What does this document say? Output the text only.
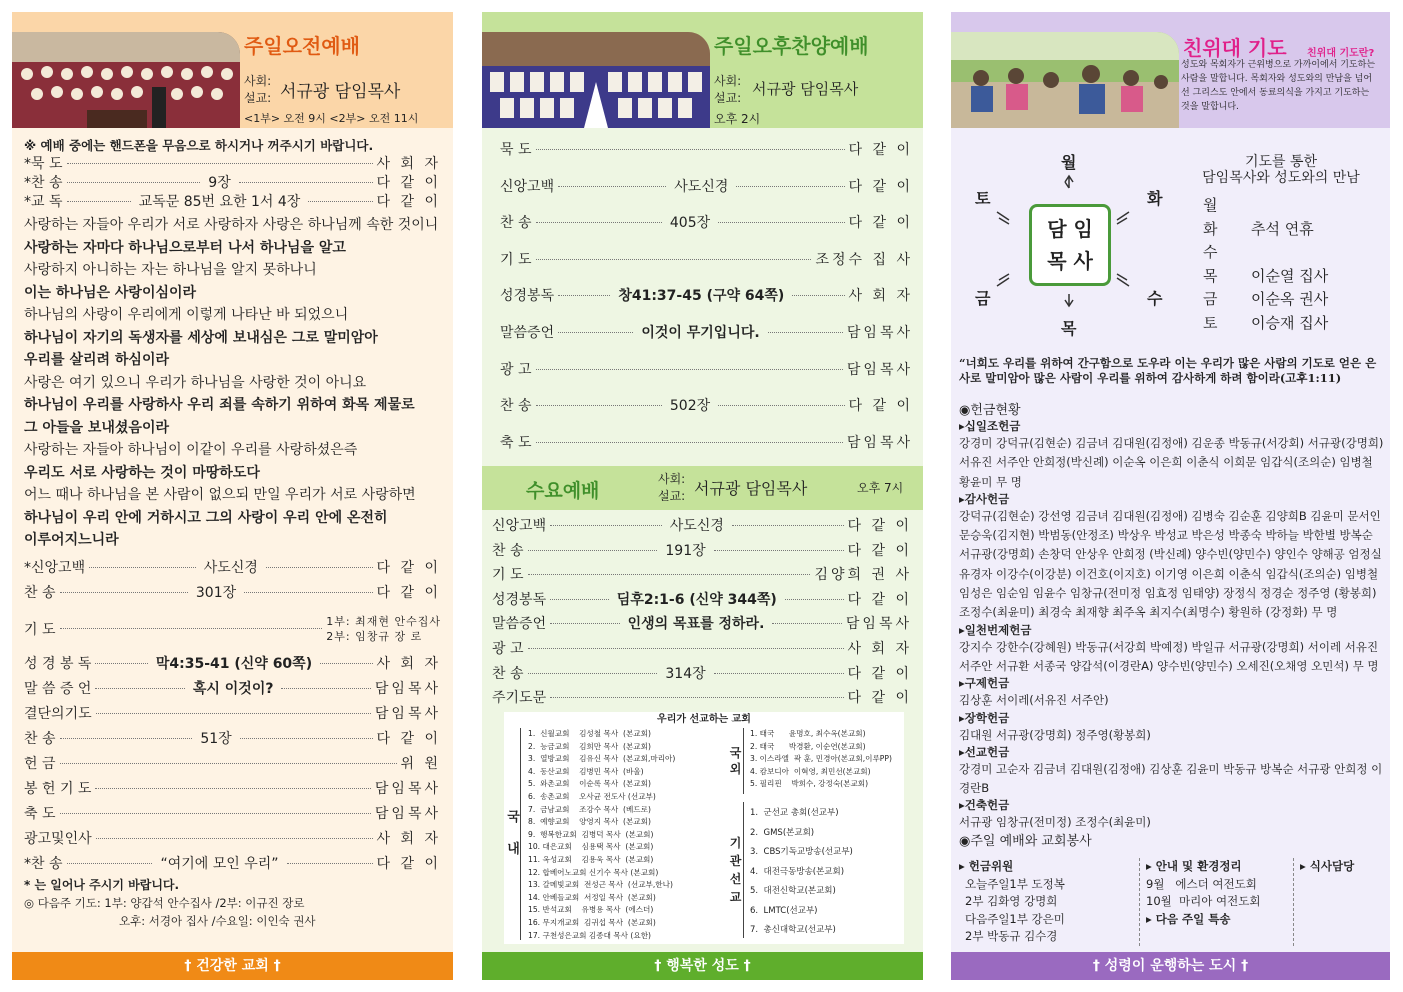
주일오전예배
사회:
설교: 서규광 담임목사
<1부> 오전 9시 <2부> 오전 11시
※ 예배 중에는 핸드폰을 무음으로 하시거나 꺼주시기 바랍니다.
*묵 도	사 회 자
*찬 송	9장	다 같 이
*교 독	교독문 85번 요한 1서 4장	다 같 이
사랑하는 자들아 우리가 서로 사랑하자 사랑은 하나님께 속한 것이니
사랑하는 자마다 하나님으로부터 나서 하나님을 알고
사랑하지 아니하는 자는 하나님을 알지 못하나니
이는 하나님은 사랑이심이라
하나님의 사랑이 우리에게 이렇게 나타난 바 되었으니
하나님이 자기의 독생자를 세상에 보내심은 그로 말미암아
우리를 살리려 하심이라
사랑은 여기 있으니 우리가 하나님을 사랑한 것이 아니요
하나님이 우리를 사랑하사 우리 죄를 속하기 위하여 화목 제물로
그 아들을 보내셨음이라
사랑하는 자들아 하나님이 이같이 우리를 사랑하셨은즉
우리도 서로 사랑하는 것이 마땅하도다
어느 때나 하나님을 본 사람이 없으되 만일 우리가 서로 사랑하면
하나님이 우리 안에 거하시고 그의 사랑이 우리 안에 온전히
이루어지느니라
*신앙고백	사도신경	다 같 이
찬 송	301장	다 같 이
기 도
1부: 최재현 안수집사
2부: 임창규 장 로
성 경 봉 독	막4:35-41 (신약 60쪽)	사 회 자
말 씀 증 언	혹시 이것이?	담임목사
결단의기도	담임목사
찬 송	51장	다 같 이
헌 금	위 원
봉 헌 기 도	담임목사
축 도	담임목사
광고및인사	사 회 자
*찬 송	“여기에 모인 우리”	다 같 이
* 는 일어나 주시기 바랍니다.
◎ 다음주 기도: 1부: 양갑석 안수집사 /2부: 이규진 장로
오후: 서경아 집사 /수요일: 이인숙 권사
† 건강한 교회 †
주일오후찬양예배
사회:
설교: 서규광 담임목사
오후 2시
묵 도	다 같 이
신앙고백	사도신경	다 같 이
찬 송	405장	다 같 이
기 도	조정수 집 사
성경봉독	창41:37-45 (구약 64쪽)	사 회 자
말씀증언	이것이 무기입니다.	담임목사
광 고	담임목사
찬 송	502장	다 같 이
축 도	담임목사
수요예배
사회:
설교: 서규광 담임목사	오후 7시
신앙고백	사도신경	다 같 이
찬 송	191장	다 같 이
기 도	김양희 권 사
성경봉독	딤후2:1-6 (신약 344쪽)	다 같 이
말씀증언	인생의 목표를 정하라.	담임목사
광 고	사 회 자
찬 송	314장	다 같 이
주기도문	다 같 이
우리가 선교하는 교회
국

내
1.  신월교회    김성철 목사  (본교회)
2.  능금교회    김희만 목사  (본교회)
3.  열방교회    김유신 목사  (본교회,마리아)
4.  동산교회    김병민 목사  (바울)
5.  와촌교회    이순록 목사  (본교회)
6.  송촌교회    오사균 전도사 (선교부)
7.  금남교회    조강수 목사  (베드로)
8.  예향교회    양영지 목사  (본교회)
9.  행복한교회  김병덕 목사  (본교회)
10. 대은교회    심용택 목사  (본교회)
11. 옥성교회    김용욱 목사  (본교회)
12. 합베어노교회 신기수 목사 (본교회)
13. 갈메빛교회  전성근 목사  (선교부,한나)
14. 안베들교회  서정일 목사  (본교회)
15. 반석교회    유병용 목사  (에스더)
16. 무지개교회  김귀섭 목사  (본교회)
17. 구천성은교회 김종대 목사 (요한)
국
외
1. 태국      윤명호, 최수옥(본교회)
2. 태국      박경환, 이순연(본교회)
3. 이스라엘  곽 훈, 민경아(본교회,이루PP)
4. 캄보디아  이혁영, 최민선(본교회)
5. 필리핀    박희수, 강정숙(본교회)
기
관
선
교
1.  군선교 총회(선교부)
2.  GMS(본교회)
3.  CBS기독교방송(선교부)
4.  대전극동방송(본교회)
5.  대전신학교(본교회)
6.  LMTC(선교부)
7.  총신대학교(선교부)
† 행복한 성도 †
친위대 기도 친위대 기도란?
성도와 목회자가 근위병으로 가까이에서 기도하는 사람을 말합니다. 목회자와 성도와의 만남을 넘어선 그리스도 안에서 동료의식을 가지고 기도하는 것을 말합니다.
담 임
목 사
월
목
토	화
금	수
기도를 통한
담임목사와 성도와의 만남
월
화	추석 연휴
수
목	이순열 집사
금	이순옥 권사
토	이승재 집사
“너희도 우리를 위하여 간구함으로 도우라 이는 우리가 많은 사람의 기도로 얻은 은사로 말미암아 많은 사람이 우리를 위하여 감사하게 하려 함이라(고후1:11)
◉헌금현황
▸십일조헌금
강경미 강덕규(김현순) 김금녀 김대원(김정애) 김운종 박동규(서강회) 서규광(강명희) 서유진 서주안 안희정(박신례) 이순옥 이은희 이춘식 이희문 임갑식(조의순) 임병철 황윤미 무 명
▸감사헌금
강덕규(김현순) 강선영 김금녀 김대원(김정애) 김병숙 김순훈 김양희B 김윤미 문서인 문승욱(김지현) 박범동(안정조) 박상우 박성교 박은성 박종숙 박하늘 박한별 방복순 서규광(강명희) 손창덕 안상우 안희정 (박신례) 양수빈(양민수) 양인수 양해공 엄정실 유경자 이강수(이강분) 이건호(이지호) 이기영 이은희 이춘식 임갑식(조의순) 임병철 임성은 임순임 임윤수 임창규(전미정 임효정 임태양) 장정식 정경순 정주영 (황봉희) 조정수(최윤미) 최경숙 최재향 최주옥 최지수(최명수) 황원하 (강정화) 무 명
▸일천번제헌금
강지수 강한수(강혜원) 박동규(서강희 박예정) 박일규 서규광(강명희) 서이레 서유진 서주안 서규환 서종국 양갑석(이경란A) 양수빈(양민수) 오세진(오채영 오민석) 무 명
▸구제헌금
김상훈 서이레(서유진 서주안)
▸장학헌금
김대원 서규광(강명희) 정주영(황봉희)
▸선교헌금
강경미 고순자 김금녀 김대원(김정애) 김상훈 김윤미 박동규 방복순 서규광 안희정 이경란B
▸건축헌금
서규광 임창규(전미정) 조정수(최윤미)
◉주일 예배와 교회봉사
▸ 헌금위원
오늘주일1부 도정복
2부 김화영 강명희
다음주일1부 강은미
2부 박동규 김수경
▸ 안내 및 환경정리
9월   에스더 여전도회
10월  마리아 여전도회
▸ 다음 주일 특송
▸ 식사담당
† 성령이 운행하는 도시 †
